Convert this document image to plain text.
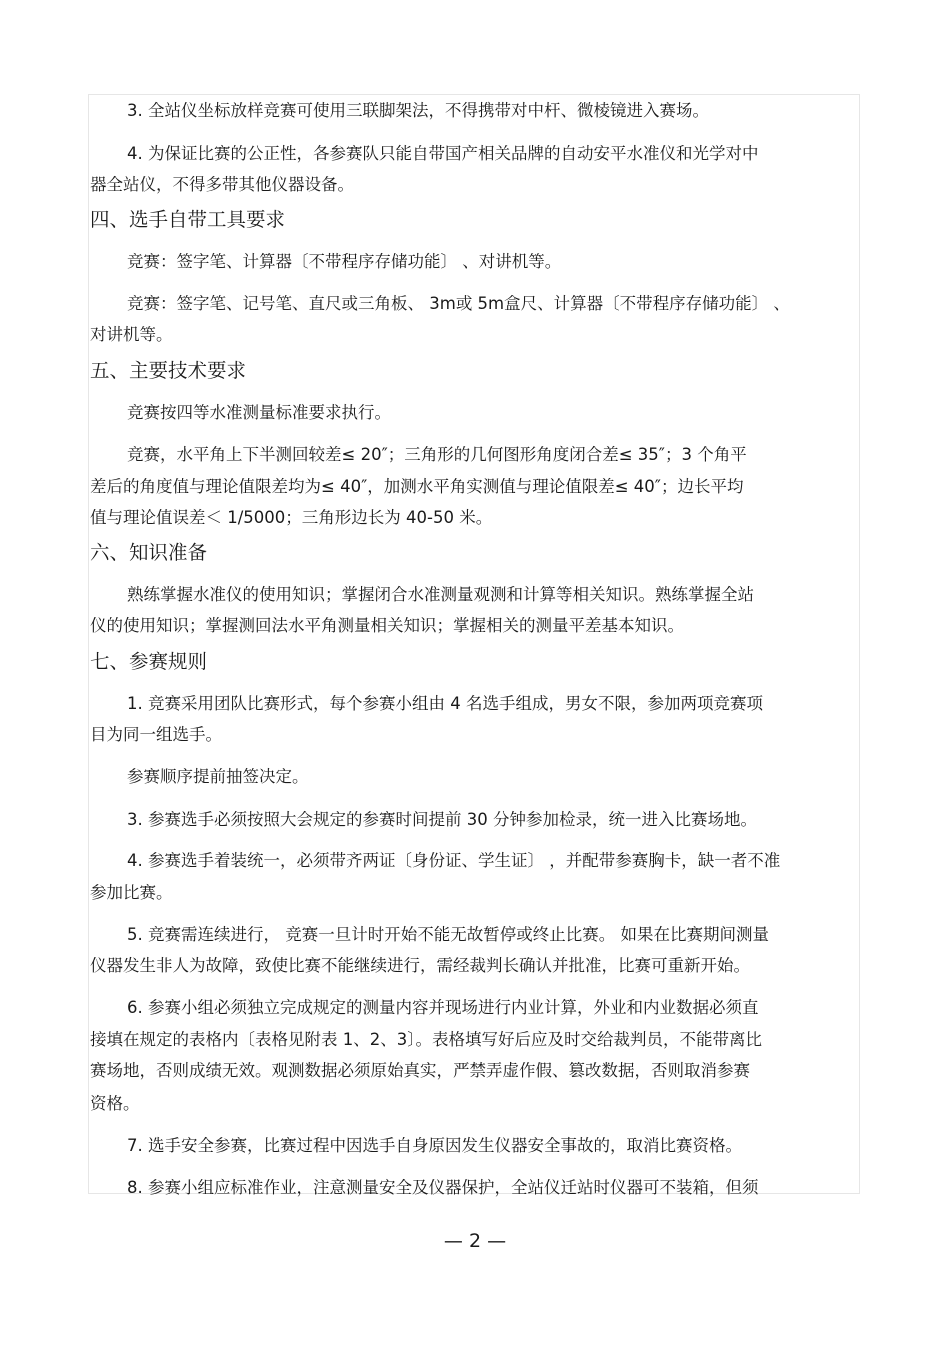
3. 全站仪坐标放样竞赛可使用三联脚架法，不得携带对中杆、微棱镜进入赛场。
4. 为保证比赛的公正性，各参赛队只能自带国产相关品牌的自动安平水准仪和光学对中
器全站仪，不得多带其他仪器设备。
四、选手自带工具要求
竞赛：签字笔、计算器〔不带程序存储功能〕 、对讲机等。
竞赛：签字笔、记号笔、直尺或三角板、 3m或 5m盒尺、计算器〔不带程序存储功能〕 、
对讲机等。
五、主要技术要求
竞赛按四等水准测量标准要求执行。
竞赛，水平角上下半测回较差≤ 20″；三角形的几何图形角度闭合差≤ 35″；3 个角平
差后的角度值与理论值限差均为≤ 40″，加测水平角实测值与理论值限差≤ 40″；边长平均
值与理论值误差＜ 1/5000；三角形边长为 40-50 米。
六、知识准备
熟练掌握水准仪的使用知识；掌握闭合水准测量观测和计算等相关知识。熟练掌握全站
仪的使用知识；掌握测回法水平角测量相关知识；掌握相关的测量平差基本知识。
七、参赛规则
1. 竞赛采用团队比赛形式，每个参赛小组由 4 名选手组成，男女不限，参加两项竞赛项
目为同一组选手。
参赛顺序提前抽签决定。
3. 参赛选手必须按照大会规定的参赛时间提前 30 分钟参加检录，统一进入比赛场地。
4. 参赛选手着装统一，必须带齐两证〔身份证、学生证〕 ，并配带参赛胸卡，缺一者不准
参加比赛。
5. 竞赛需连续进行， 竞赛一旦计时开始不能无故暂停或终止比赛。 如果在比赛期间测量
仪器发生非人为故障，致使比赛不能继续进行，需经裁判长确认并批准，比赛可重新开始。
6. 参赛小组必须独立完成规定的测量内容并现场进行内业计算，外业和内业数据必须直
接填在规定的表格内〔表格见附表 1、2、3〕。表格填写好后应及时交给裁判员，不能带离比
赛场地，否则成绩无效。观测数据必须原始真实，严禁弄虚作假、篡改数据，否则取消参赛
资格。
7. 选手安全参赛，比赛过程中因选手自身原因发生仪器安全事故的，取消比赛资格。
8. 参赛小组应标准作业，注意测量安全及仪器保护，全站仪迁站时仪器可不装箱，但须
— 2 —
